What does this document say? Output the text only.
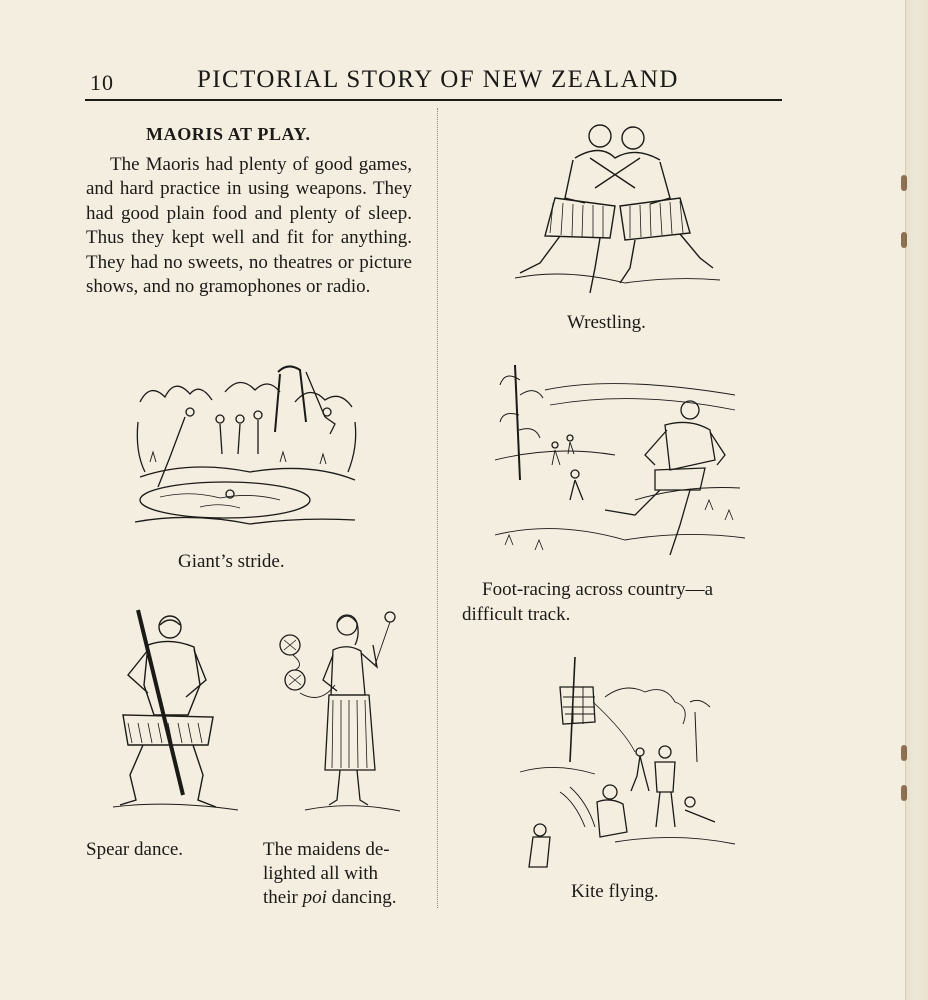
10	PICTORIAL STORY OF NEW ZEALAND
MAORIS AT PLAY.

The Maoris had plenty of good games, and hard practice in using weapons. They had good plain food and plenty of sleep. Thus they kept well and fit for anything. They had no sweets, no theatres or picture shows, and no gramophones or radio.

Giant’s stride.
Spear dance.	The maidens de-
lighted all with
their poi dancing.
Wrestling.
Foot-racing across country—a
difficult track.
Kite flying.
